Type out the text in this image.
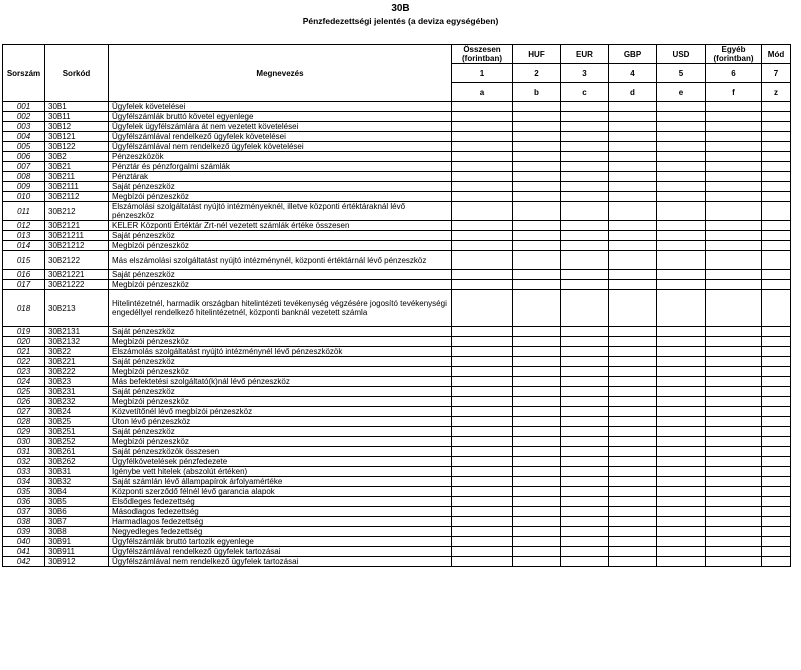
30B
Pénzfedezettségi jelentés (a deviza egységében)
Sorszám	Sorkód	Megnevezés	Összesen (forintban)	HUF	EUR	GBP	USD	Egyéb (forintban)	Mód
			1	2	3	4	5	6	7
			a	b	c	d	e	f	z
001	30B1	Ügyfelek követelései							
002	30B11	Ügyfélszámlák bruttó követel egyenlege							
003	30B12	Ügyfelek ügyfélszámlára át nem vezetett követelései							
004	30B121	Ügyfélszámlával rendelkező ügyfelek követelései							
005	30B122	Ügyfélszámlával nem rendelkező ügyfelek követelései							
006	30B2	Pénzeszközök							
007	30B21	Pénztár és pénzforgalmi számlák							
008	30B211	Pénztárak							
009	30B2111	Saját pénzeszköz							
010	30B2112	Megbízói pénzeszköz							
011	30B212	Elszámolási szolgáltatást nyújtó intézményeknél, illetve központi értéktáraknál lévő pénzeszköz							
012	30B2121	KELER Központi Értéktár Zrt-nél vezetett számlák értéke összesen							
013	30B21211	Saját pénzeszköz							
014	30B21212	Megbízói pénzeszköz							
015	30B2122	Más elszámolási szolgáltatást nyújtó intézménynél, központi értéktárnál lévő pénzeszköz							
016	30B21221	Saját pénzeszköz							
017	30B21222	Megbízói pénzeszköz							
018	30B213	Hitelintézetnél, harmadik országban hitelintézeti tevékenység végzésére jogosító tevékenységi engedéllyel rendelkező hitelintézetnél, központi banknál vezetett számla							
019	30B2131	Saját pénzeszköz							
020	30B2132	Megbízói pénzeszköz							
021	30B22	Elszámolás szolgáltatást nyújtó intézménynél lévő pénzeszközök							
022	30B221	Saját pénzeszköz							
023	30B222	Megbízói pénzeszköz							
024	30B23	Más befektetési szolgáltató(k)nál lévő pénzeszköz							
025	30B231	Saját pénzeszköz							
026	30B232	Megbízói pénzeszköz							
027	30B24	Közvetítőnél lévő megbízói pénzeszköz							
028	30B25	Úton lévő pénzeszköz							
029	30B251	Saját pénzeszköz							
030	30B252	Megbízói pénzeszköz							
031	30B261	Saját pénzeszközök összesen							
032	30B262	Ügyfélkövetelések pénzfedezete							
033	30B31	Igénybe vett hitelek (abszolút értéken)							
034	30B32	Saját számlán lévő állampapírok árfolyamértéke							
035	30B4	Központi szerződő félnél lévő garancia alapok							
036	30B5	Elsődleges fedezettség							
037	30B6	Másodlagos fedezettség							
038	30B7	Harmadlagos fedezettség							
039	30B8	Negyedleges fedezettség							
040	30B91	Ügyfélszámlák bruttó tartozik egyenlege							
041	30B911	Ügyfélszámlával rendelkező ügyfelek tartozásai							
042	30B912	Ügyfélszámlával nem rendelkező ügyfelek tartozásai							
